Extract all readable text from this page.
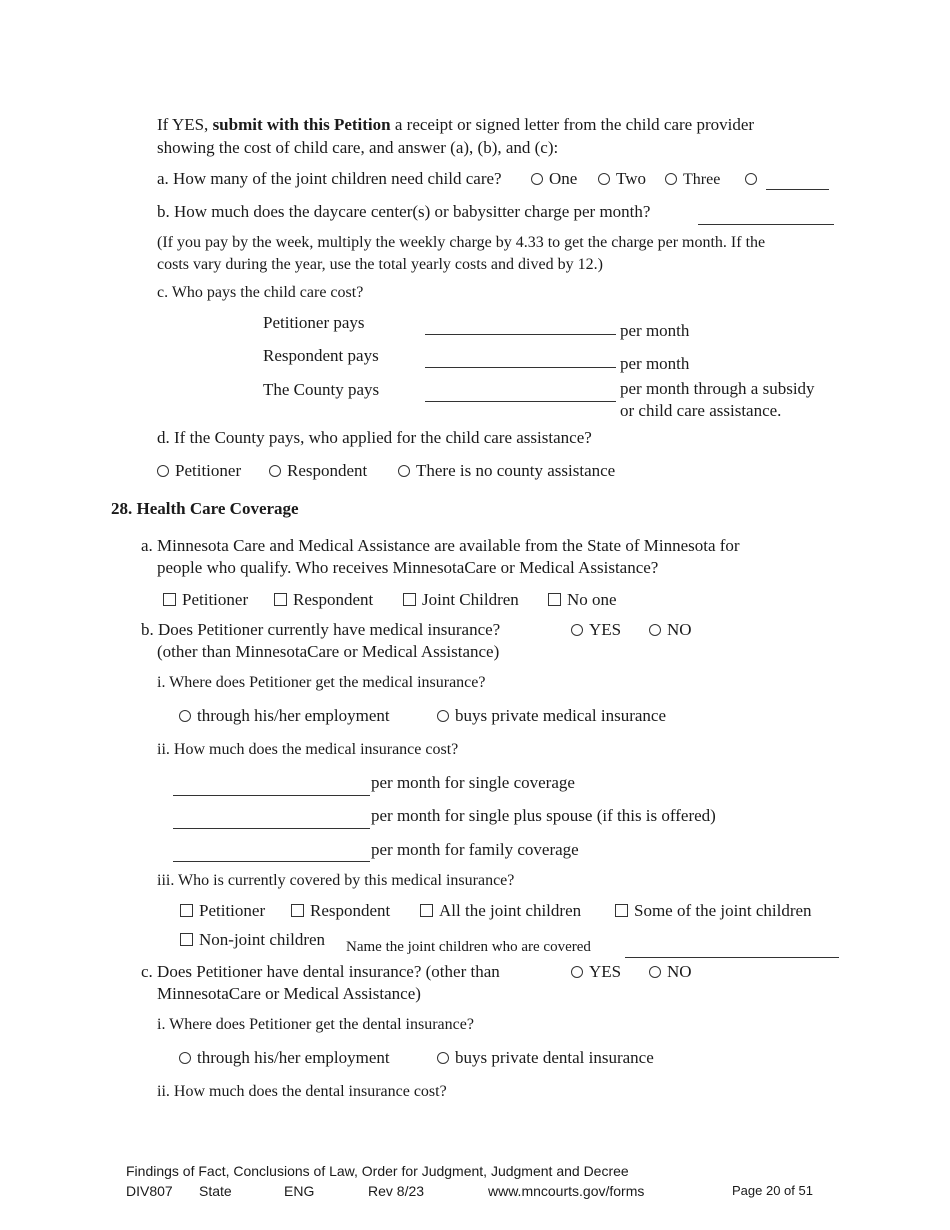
If YES, submit with this Petition a receipt or signed letter from the child care provider
showing the cost of child care, and answer (a), (b), and (c):
a. How many of the joint children need child care?	One	Two	Three
b. How much does the daycare center(s) or babysitter charge per month?
(If you pay by the week, multiply the weekly charge by 4.33 to get the charge per month. If the
costs vary during the year, use the total yearly costs and dived by 12.)
c. Who pays the child care cost?
Petitioner pays	per month
Respondent pays	per month
The County pays	per month through a subsidy
or child care assistance.
d. If the County pays, who applied for the child care assistance?
Petitioner	Respondent	There is no county assistance
28. Health Care Coverage
a. Minnesota Care and Medical Assistance are available from the State of Minnesota for
people who qualify. Who receives MinnesotaCare or Medical Assistance?
Petitioner	Respondent	Joint Children	No one
b. Does Petitioner currently have medical insurance?
(other than MinnesotaCare or Medical Assistance)
YES	NO
i. Where does Petitioner get the medical insurance?
through his/her employment	buys private medical insurance
ii. How much does the medical insurance cost?
per month for single coverage
per month for single plus spouse (if this is offered)
per month for family coverage
iii. Who is currently covered by this medical insurance?
Petitioner	Respondent	All the joint children	Some of the joint children
Non-joint children Name the joint children who are covered
c. Does Petitioner have dental insurance? (other than
MinnesotaCare or Medical Assistance)
YES	NO
i. Where does Petitioner get the dental insurance?
through his/her employment	buys private dental insurance
ii. How much does the dental insurance cost?
Findings of Fact, Conclusions of Law, Order for Judgment, Judgment and Decree
DIV807 State	ENG	Rev 8/23	www.mncourts.gov/forms	Page 20 of 51
